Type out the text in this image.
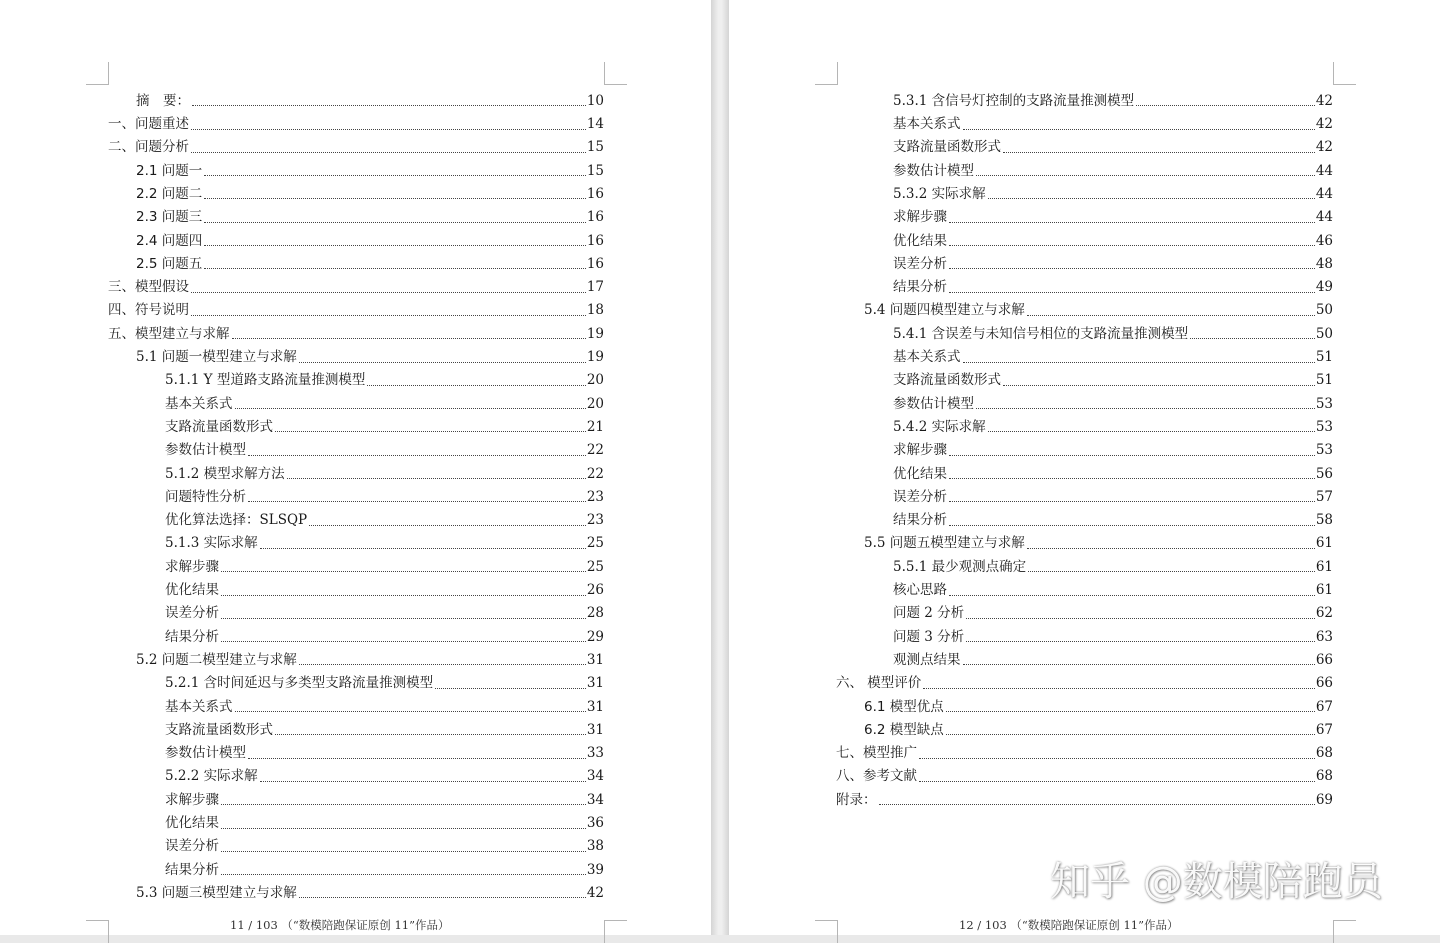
摘　要：	10
一、问题重述	14
二、问题分析	15
2.1 问题一	15
2.2 问题二	16
2.3 问题三	16
2.4 问题四	16
2.5 问题五	16
三、模型假设	17
四、符号说明	18
五、模型建立与求解	19
5.1 问题一模型建立与求解	19
5.1.1 Y 型道路支路流量推测模型	20
基本关系式	20
支路流量函数形式	21
参数估计模型	22
5.1.2 模型求解方法	22
问题特性分析	23
优化算法选择：SLSQP	23
5.1.3 实际求解	25
求解步骤	25
优化结果	26
误差分析	28
结果分析	29
5.2 问题二模型建立与求解	31
5.2.1 含时间延迟与多类型支路流量推测模型	31
基本关系式	31
支路流量函数形式	31
参数估计模型	33
5.2.2 实际求解	34
求解步骤	34
优化结果	36
误差分析	38
结果分析	39
5.3 问题三模型建立与求解	42
11 / 103 （“数模陪跑保证原创 11”作品）
5.3.1 含信号灯控制的支路流量推测模型	42
基本关系式	42
支路流量函数形式	42
参数估计模型	44
5.3.2 实际求解	44
求解步骤	44
优化结果	46
误差分析	48
结果分析	49
5.4 问题四模型建立与求解	50
5.4.1 含误差与未知信号相位的支路流量推测模型	50
基本关系式	51
支路流量函数形式	51
参数估计模型	53
5.4.2 实际求解	53
求解步骤	53
优化结果	56
误差分析	57
结果分析	58
5.5 问题五模型建立与求解	61
5.5.1 最少观测点确定	61
核心思路	61
问题 2 分析	62
问题 3 分析	63
观测点结果	66
六、 模型评价	66
6.1 模型优点	67
6.2 模型缺点	67
七、模型推广	68
八、参考文献	68
附录：	69
12 / 103 （“数模陪跑保证原创 11”作品）
知乎 @数模陪跑员
